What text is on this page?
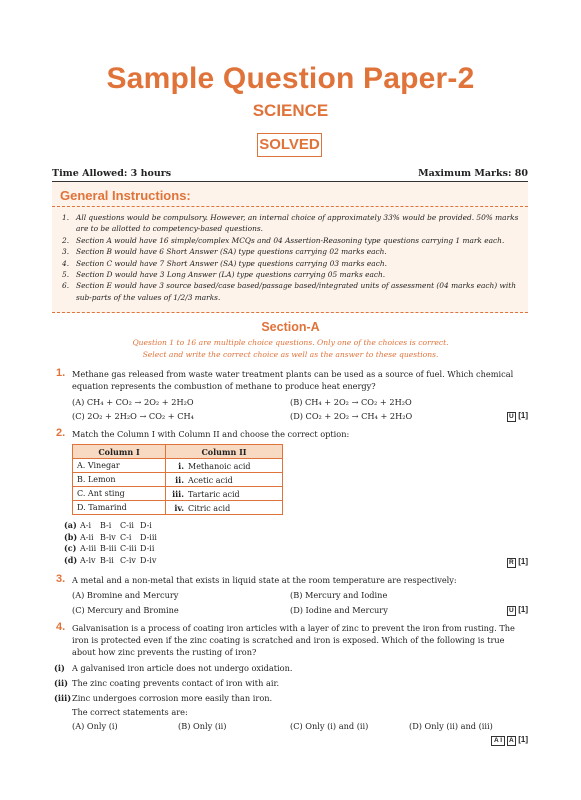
Sample Question Paper-2
SCIENCE
SOLVED
Time Allowed: 3 hours	Maximum Marks: 80
General Instructions:
1. All questions would be compulsory. However, an internal choice of approximately 33% would be provided. 50% marks are to be allotted to competency-based questions.
2. Section A would have 16 simple/complex MCQs and 04 Assertion-Reasoning type questions carrying 1 mark each.
3. Section B would have 6 Short Answer (SA) type questions carrying 02 marks each.
4. Section C would have 7 Short Answer (SA) type questions carrying 03 marks each.
5. Section D would have 3 Long Answer (LA) type questions carrying 05 marks each.
6. Section E would have 3 source based/case based/passage based/integrated units of assessment (04 marks each) with sub-parts of the values of 1/2/3 marks.
Section-A
Question 1 to 16 are multiple choice questions. Only one of the choices is correct.
Select and write the correct choice as well as the answer to these questions.
1. Methane gas released from waste water treatment plants can be used as a source of fuel. Which chemical equation represents the combustion of methane to produce heat energy?
(A) CH₄ + CO₂ → 2O₂ + 2H₂O	(B) CH₄ + 2O₂ → CO₂ + 2H₂O
(C) 2O₂ + 2H₂O → CO₂ + CH₄	(D) CO₂ + 2O₂ → CH₄ + 2H₂O	U [1]
2. Match the Column I with Column II and choose the correct option:
Column I	Column II
A. Vinegar	i. Methanoic acid
B. Lemon	ii. Acetic acid
C. Ant sting	iii. Tartaric acid
D. Tamarind	iv. Citric acid
(a) A-i B-i C-ii D-i
(b) A-ii B-iv C-i D-iii
(c) A-iii B-iii C-iii D-ii
(d) A-iv B-ii C-iv D-iv	R [1]
3. A metal and a non-metal that exists in liquid state at the room temperature are respectively:
(A) Bromine and Mercury	(B) Mercury and Iodine
(C) Mercury and Bromine	(D) Iodine and Mercury	U [1]
4. Galvanisation is a process of coating iron articles with a layer of zinc to prevent the iron from rusting. The iron is protected even if the zinc coating is scratched and iron is exposed. Which of the following is true about how zinc prevents the rusting of iron?
(i) A galvanised iron article does not undergo oxidation.
(ii) The zinc coating prevents contact of iron with air.
(iii)Zinc undergoes corrosion more easily than iron.
The correct statements are:
(A) Only (i)	(B) Only (ii)	(C) Only (i) and (ii)	(D) Only (ii) and (iii)
A I A [1]
